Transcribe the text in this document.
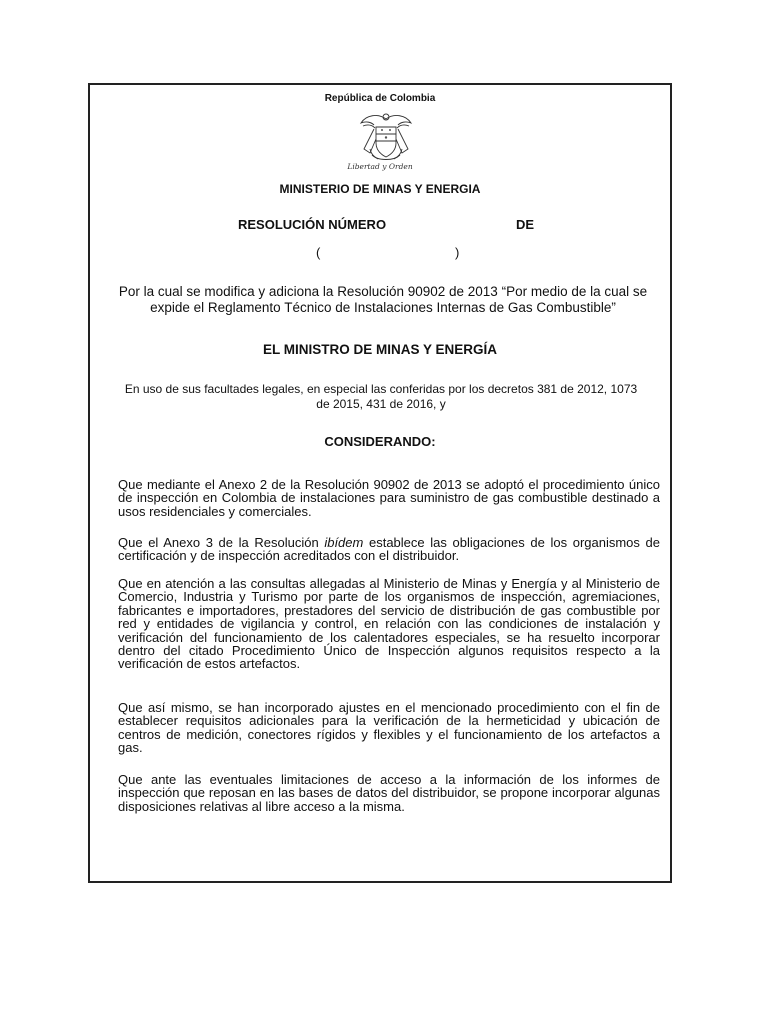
República de Colombia
Libertad y Orden
MINISTERIO DE MINAS Y ENERGIA
RESOLUCIÓN NÚMERO	DE
(	)
Por la cual se modifica y adiciona la Resolución 90902 de 2013 “Por medio de la cual se expide el Reglamento Técnico de Instalaciones Internas de Gas Combustible”
EL MINISTRO DE MINAS Y ENERGÍA
En uso de sus facultades legales, en especial las conferidas por los decretos 381 de 2012, 1073 de 2015, 431 de 2016, y
CONSIDERANDO:

Que mediante el Anexo 2 de la Resolución 90902 de 2013 se adoptó el procedimiento único de inspección en Colombia de instalaciones para suministro de gas combustible destinado a usos residenciales y comerciales.

Que el Anexo 3 de la Resolución ibídem establece las obligaciones de los organismos de certificación y de inspección acreditados con el distribuidor.

Que en atención a las consultas allegadas al Ministerio de Minas y Energía y al Ministerio de Comercio, Industria y Turismo por parte de los organismos de inspección, agremiaciones, fabricantes e importadores, prestadores del servicio de distribución de gas combustible por red y entidades de vigilancia y control, en relación con las condiciones de instalación y verificación del funcionamiento de los calentadores especiales, se ha resuelto incorporar dentro del citado Procedimiento Único de Inspección algunos requisitos respecto a la verificación de estos artefactos.

Que así mismo, se han incorporado ajustes en el mencionado procedimiento con el fin de establecer requisitos adicionales para la verificación de la hermeticidad y ubicación de centros de medición, conectores rígidos y flexibles y el funcionamiento de los artefactos a gas.

Que ante las eventuales limitaciones de acceso a la información de los informes de inspección que reposan en las bases de datos del distribuidor, se propone incorporar algunas disposiciones relativas al libre acceso a la misma.
